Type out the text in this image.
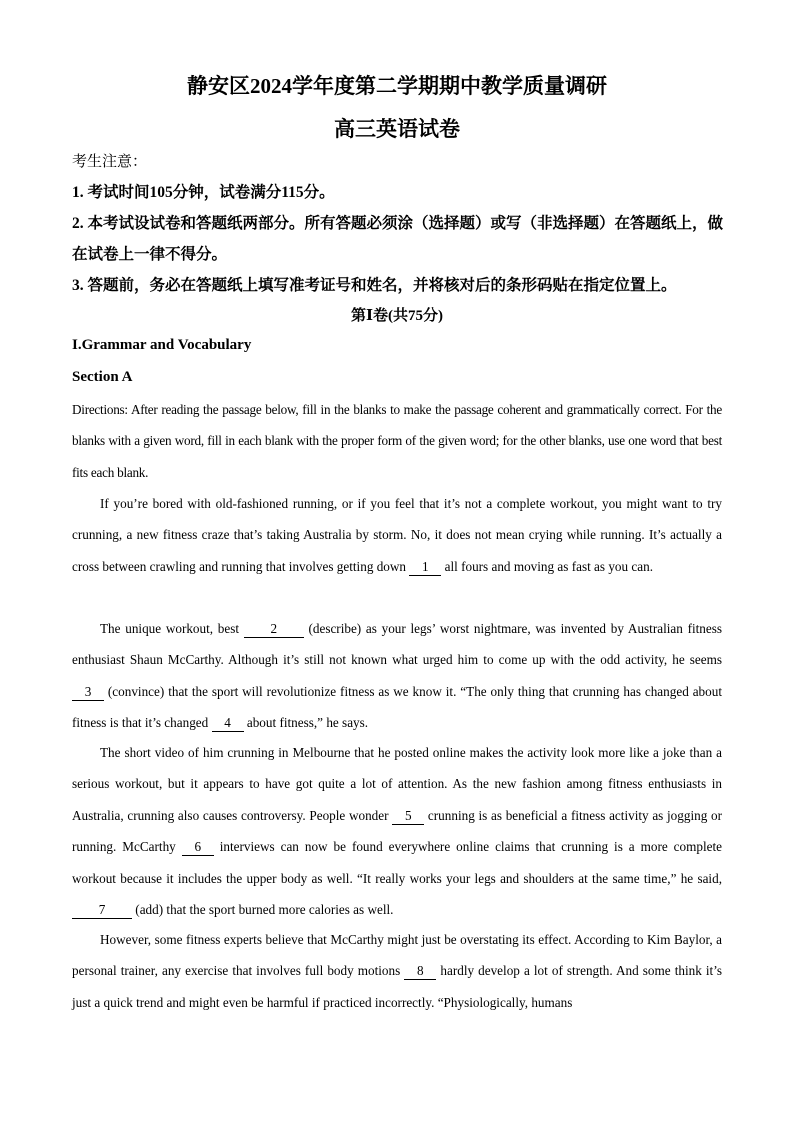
静安区2024学年度第二学期期中教学质量调研
高三英语试卷
考生注意：
1. 考试时间105分钟，试卷满分115分。
2. 本考试设试卷和答题纸两部分。所有答题必须涂（选择题）或写（非选择题）在答题纸上，做在试卷上一律不得分。
3. 答题前，务必在答题纸上填写准考证号和姓名，并将核对后的条形码贴在指定位置上。
第Ⅰ卷(共75分)
I.Grammar and Vocabulary
Section A
Directions: After reading the passage below, fill in the blanks to make the passage coherent and grammatically correct. For the blanks with a given word, fill in each blank with the proper form of the given word; for the other blanks, use one word that best fits each blank.
If you’re bored with old-fashioned running, or if you feel that it’s not a complete workout, you might want to try crunning, a new fitness craze that’s taking Australia by storm. No, it does not mean crying while running. It’s actually a cross between crawling and running that involves getting down 1 all fours and moving as fast as you can.
The unique workout, best 2 (describe) as your legs’ worst nightmare, was invented by Australian fitness enthusiast Shaun McCarthy. Although it’s still not known what urged him to come up with the odd activity, he seems 3 (convince) that the sport will revolutionize fitness as we know it. “The only thing that crunning has changed about fitness is that it’s changed 4 about fitness,” he says.
The short video of him crunning in Melbourne that he posted online makes the activity look more like a joke than a serious workout, but it appears to have got quite a lot of attention. As the new fashion among fitness enthusiasts in Australia, crunning also causes controversy. People wonder 5 crunning is as beneficial a fitness activity as jogging or running. McCarthy 6 interviews can now be found everywhere online claims that crunning is a more complete workout because it includes the upper body as well. “It really works your legs and shoulders at the same time,” he said, 7 (add) that the sport burned more calories as well.
However, some fitness experts believe that McCarthy might just be overstating its effect. According to Kim Baylor, a personal trainer, any exercise that involves full body motions 8 hardly develop a lot of strength. And some think it’s just a quick trend and might even be harmful if practiced incorrectly. “Physiologically, humans
